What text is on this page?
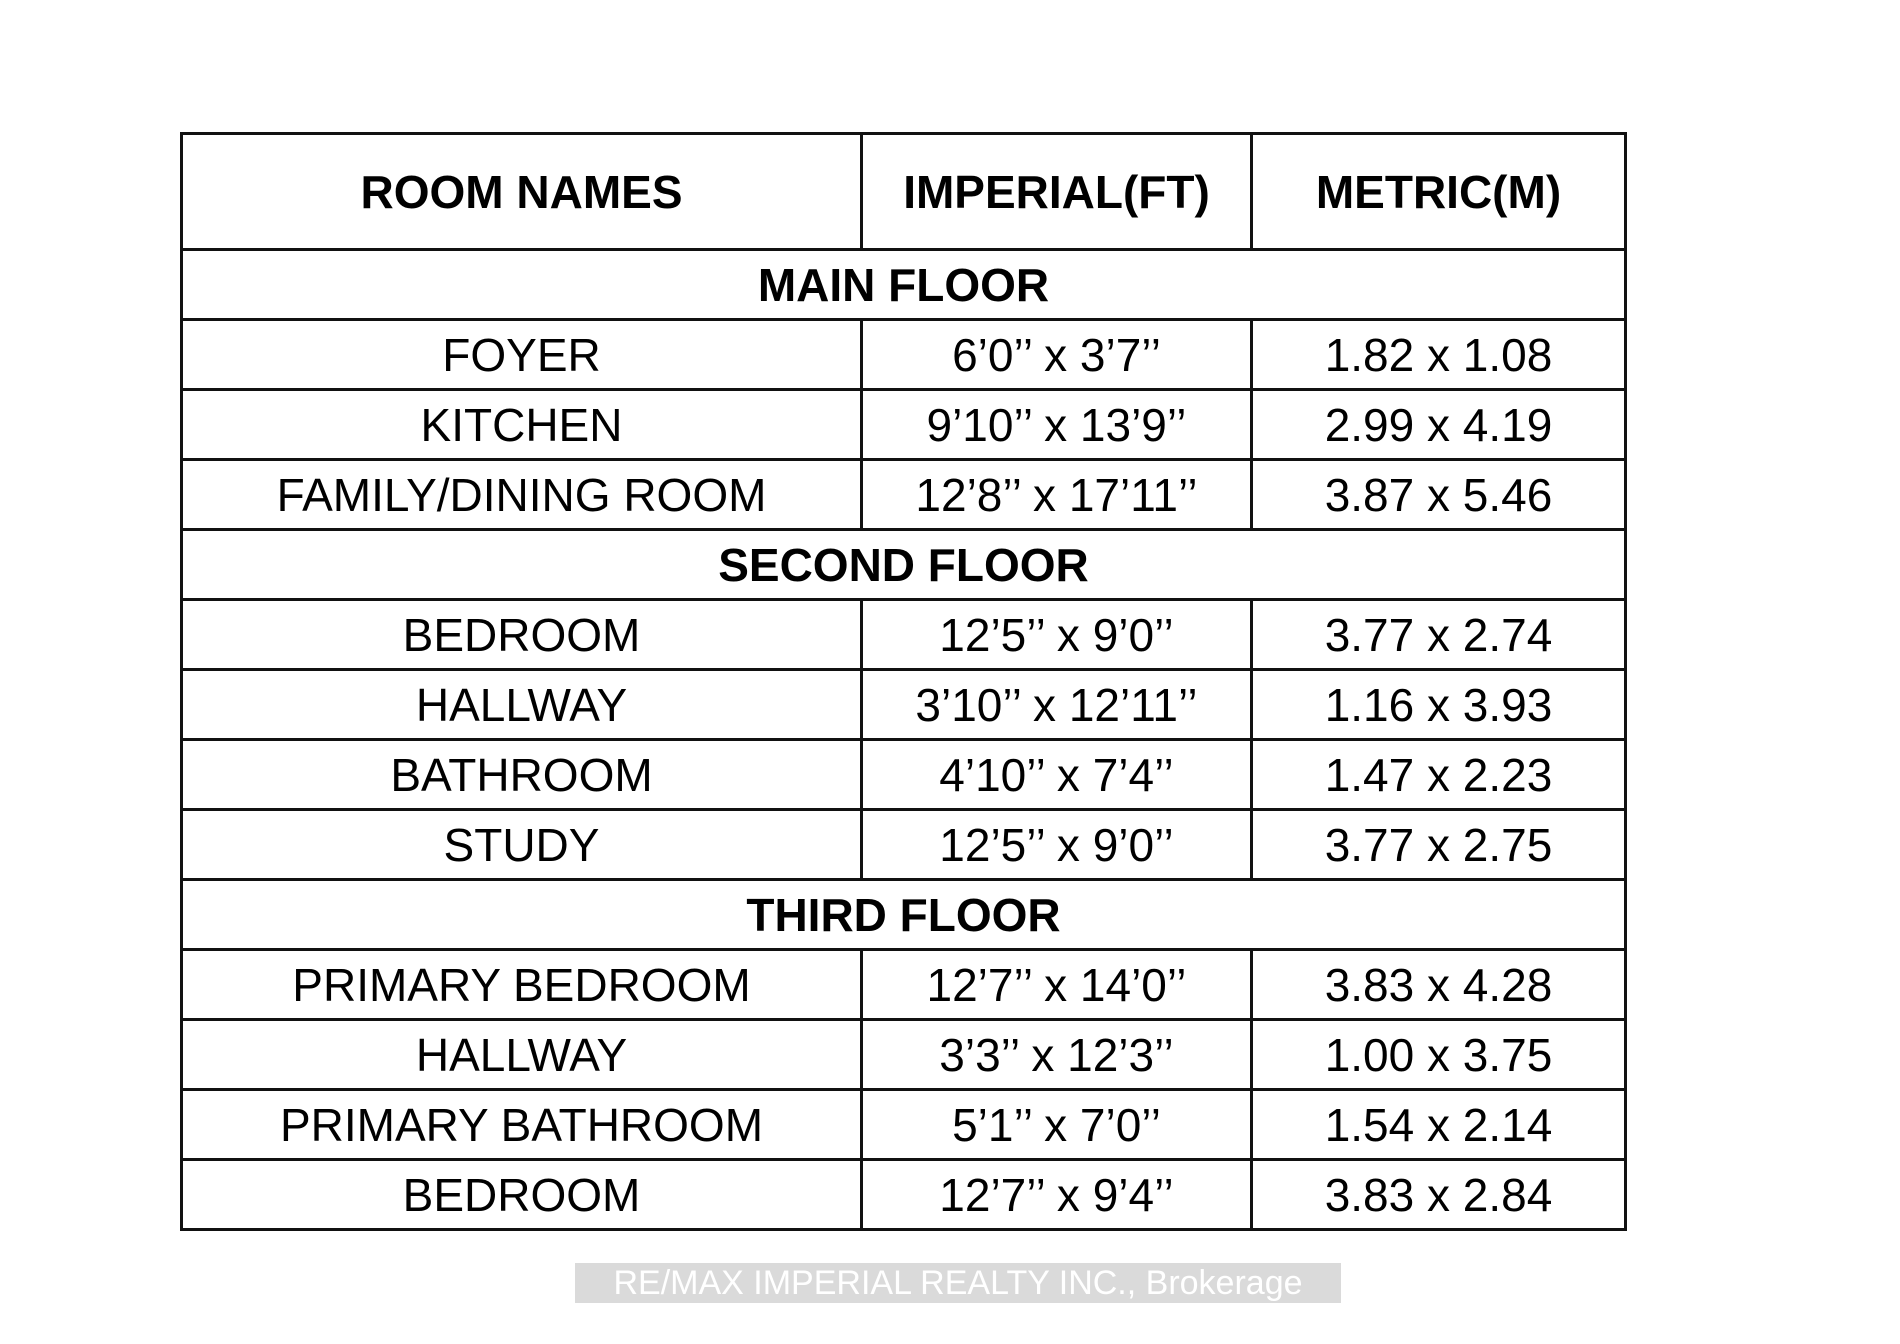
ROOM NAMES	IMPERIAL(FT)	METRIC(M)
MAIN FLOOR		
FOYER	6’0’’ x 3’7’’	1.82 x 1.08
KITCHEN	9’10’’ x 13’9’’	2.99 x 4.19
FAMILY/DINING ROOM	12’8’’ x 17’11’’	3.87 x 5.46
SECOND FLOOR		
BEDROOM	12’5’’ x 9’0’’	3.77 x 2.74
HALLWAY	3’10’’ x 12’11’’	1.16 x 3.93
BATHROOM	4’10’’ x 7’4’’	1.47 x 2.23
STUDY	12’5’’ x 9’0’’	3.77 x 2.75
THIRD FLOOR		
PRIMARY BEDROOM	12’7’’ x 14’0’’	3.83 x 4.28
HALLWAY	3’3’’ x 12’3’’	1.00 x 3.75
PRIMARY BATHROOM	5’1’’ x 7’0’’	1.54 x 2.14
BEDROOM	12’7’’ x 9’4’’	3.83 x 2.84
RE/MAX IMPERIAL REALTY INC., Brokerage
